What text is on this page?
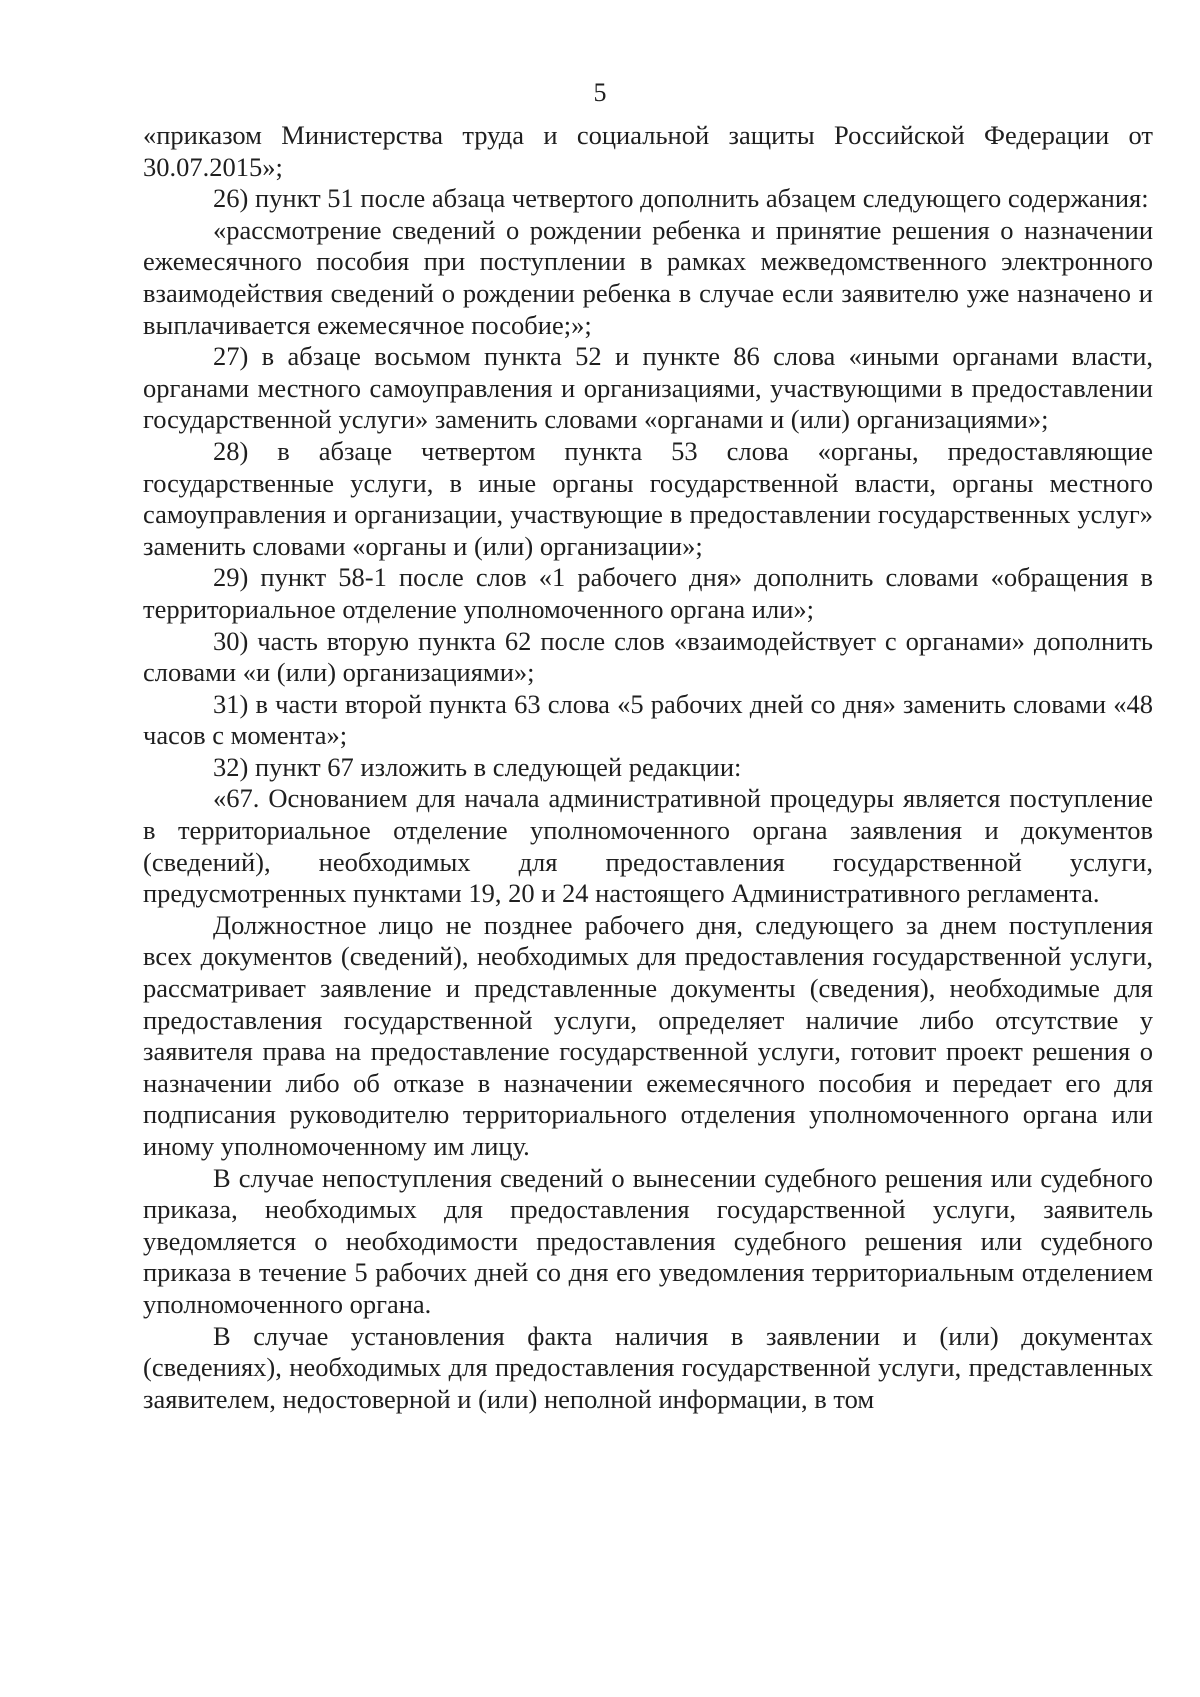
5

«приказом Министерства труда и социальной защиты Российской Федерации от 30.07.2015»;

26) пункт 51 после абзаца четвертого дополнить абзацем следующего содержания:

«рассмотрение сведений о рождении ребенка и принятие решения о назначении ежемесячного пособия при поступлении в рамках межведомственного электронного взаимодействия сведений о рождении ребенка в случае если заявителю уже назначено и выплачивается ежемесячное пособие;»;

27) в абзаце восьмом пункта 52 и пункте 86 слова «иными органами власти, органами местного самоуправления и организациями, участвующими в предоставлении государственной услуги» заменить словами «органами и (или) организациями»;

28) в абзаце четвертом пункта 53 слова «органы, предоставляющие государственные услуги, в иные органы государственной власти, органы местного самоуправления и организации, участвующие в предоставлении государственных услуг» заменить словами «органы и (или) организации»;

29) пункт 58-1 после слов «1 рабочего дня» дополнить словами «обращения в территориальное отделение уполномоченного органа или»;

30) часть вторую пункта 62 после слов «взаимодействует с органами» дополнить словами «и (или) организациями»;

31) в части второй пункта 63 слова «5 рабочих дней со дня» заменить словами «48 часов с момента»;

32) пункт 67 изложить в следующей редакции:

«67. Основанием для начала административной процедуры является поступление в территориальное отделение уполномоченного органа заявления и документов (сведений), необходимых для предоставления государственной услуги, предусмотренных пунктами 19, 20 и 24 настоящего Административного регламента.

Должностное лицо не позднее рабочего дня, следующего за днем поступления всех документов (сведений), необходимых для предоставления государственной услуги, рассматривает заявление и представленные документы (сведения), необходимые для предоставления государственной услуги, определяет наличие либо отсутствие у заявителя права на предоставление государственной услуги, готовит проект решения о назначении либо об отказе в назначении ежемесячного пособия и передает его для подписания руководителю территориального отделения уполномоченного органа или иному уполномоченному им лицу.

В случае непоступления сведений о вынесении судебного решения или судебного приказа, необходимых для предоставления государственной услуги, заявитель уведомляется о необходимости предоставления судебного решения или судебного приказа в течение 5 рабочих дней со дня его уведомления территориальным отделением уполномоченного органа.

В случае установления факта наличия в заявлении и (или) документах (сведениях), необходимых для предоставления государственной услуги, представленных заявителем, недостоверной и (или) неполной информации, в том
